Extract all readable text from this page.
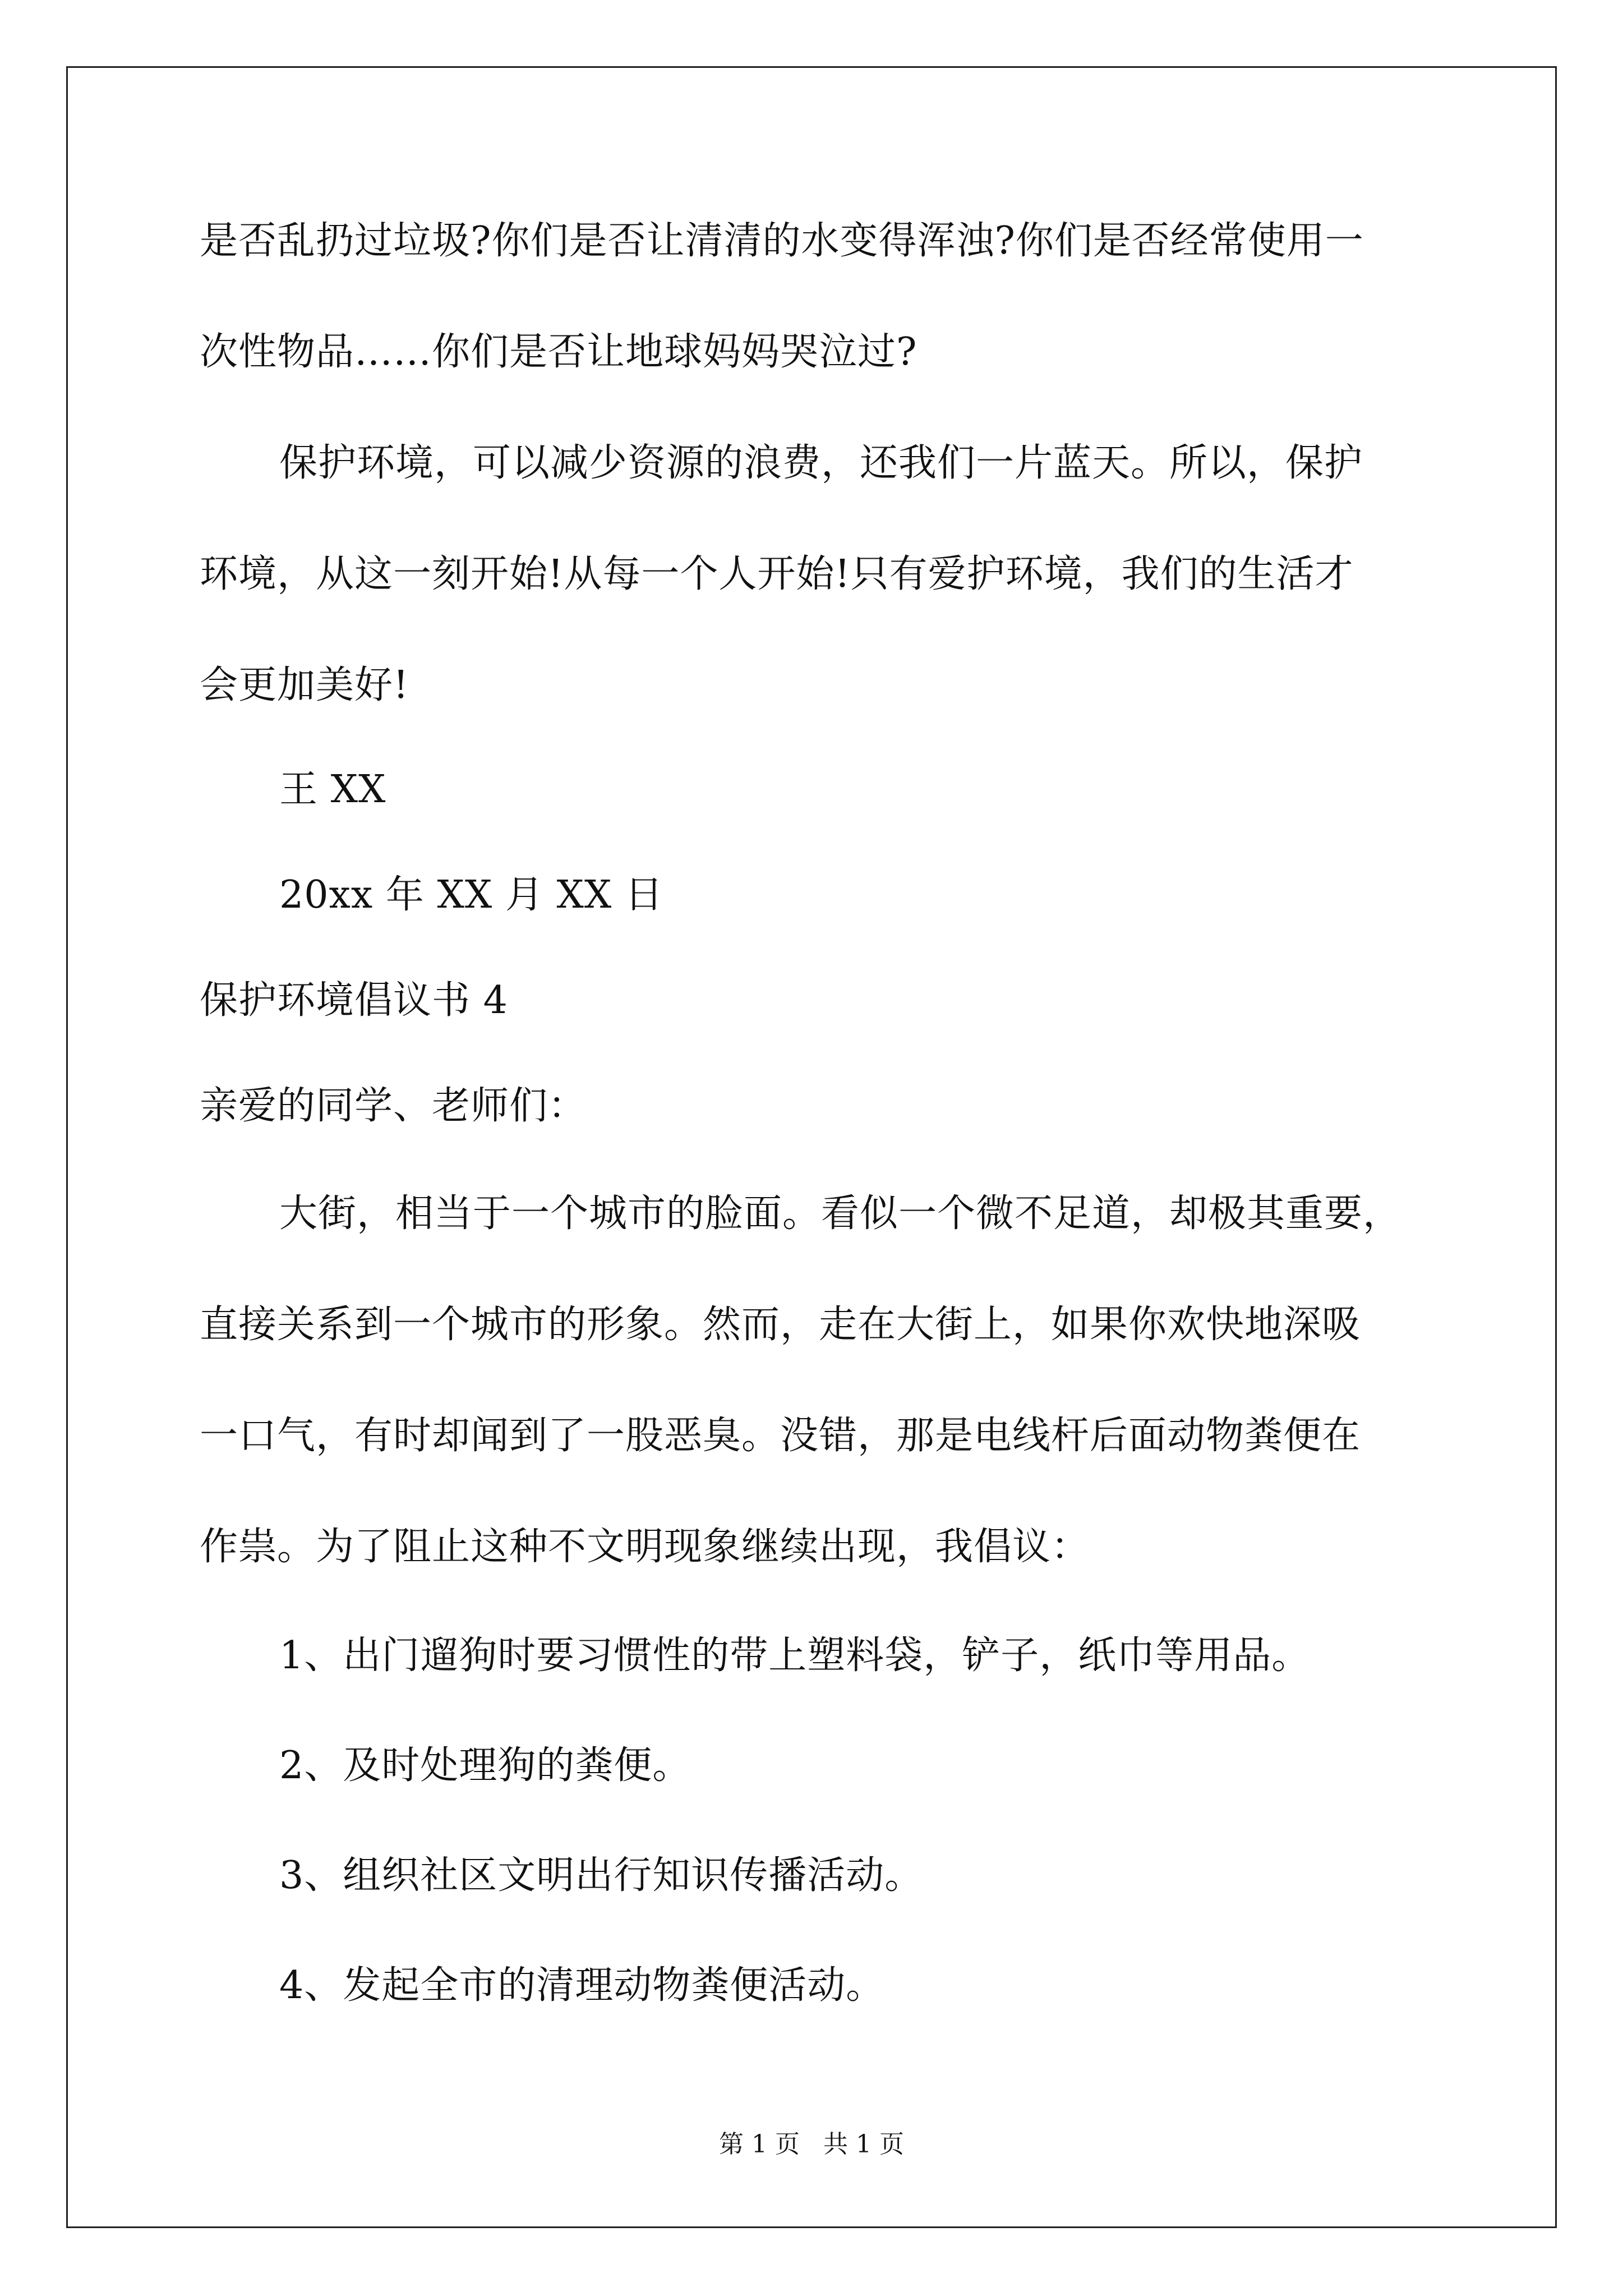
是否乱扔过垃圾?你们是否让清清的水变得浑浊?你们是否经常使用一
次性物品……你们是否让地球妈妈哭泣过?
保护环境，可以减少资源的浪费，还我们一片蓝天。所以，保护
环境，从这一刻开始!从每一个人开始!只有爱护环境，我们的生活才
会更加美好!
王 XX
20xx 年 XX 月 XX 日
保护环境倡议书 4
亲爱的同学、老师们：
大街，相当于一个城市的脸面。看似一个微不足道，却极其重要，
直接关系到一个城市的形象。然而，走在大街上，如果你欢快地深吸
一口气，有时却闻到了一股恶臭。没错，那是电线杆后面动物粪便在
作祟。为了阻止这种不文明现象继续出现，我倡议：
1、出门遛狗时要习惯性的带上塑料袋，铲子，纸巾等用品。
2、及时处理狗的粪便。
3、组织社区文明出行知识传播活动。
4、发起全市的清理动物粪便活动。
第 1 页   共 1 页
